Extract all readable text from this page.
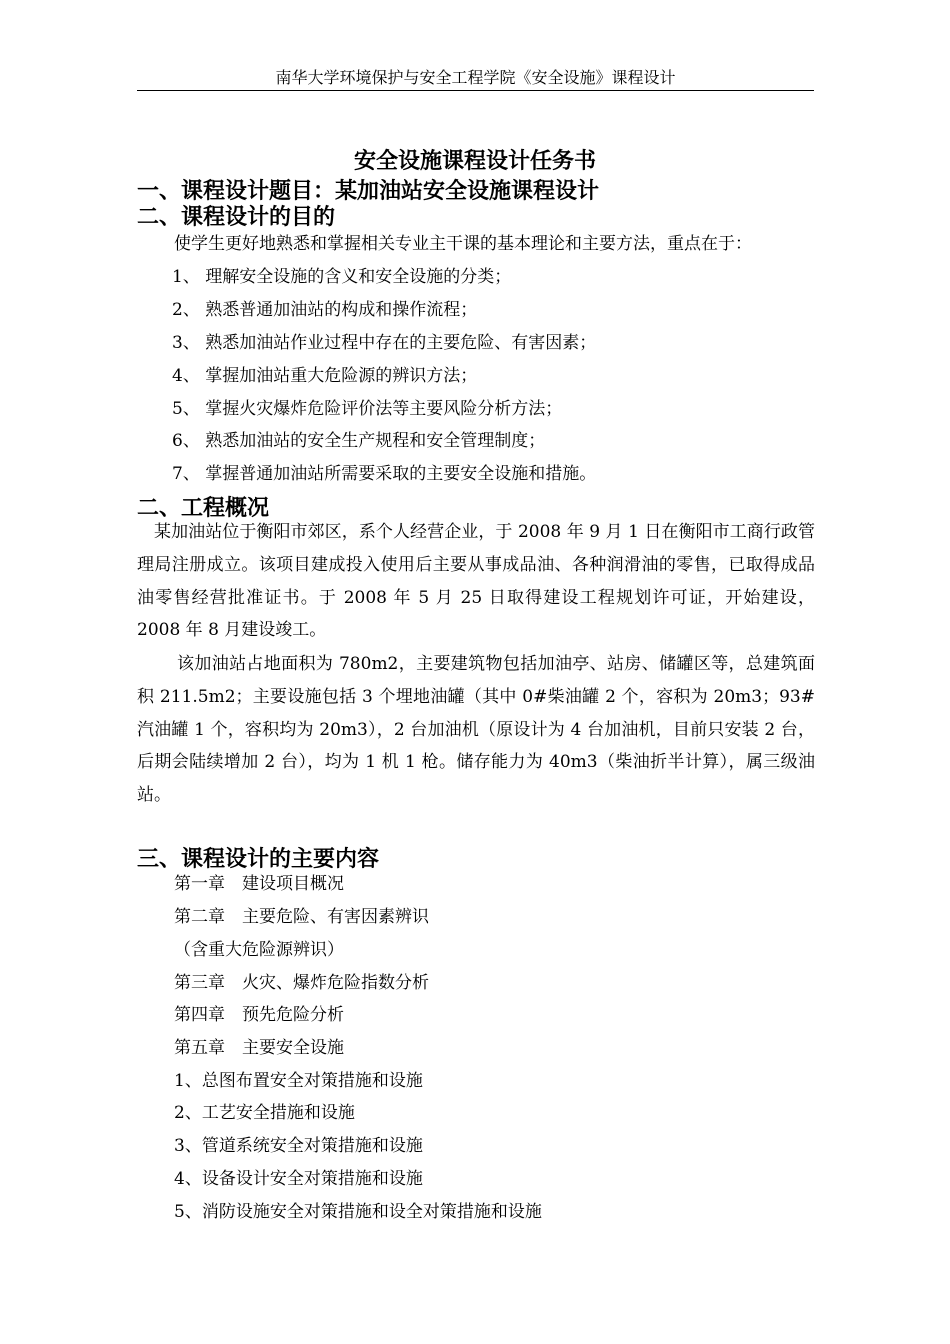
南华大学环境保护与安全工程学院《安全设施》课程设计
安全设施课程设计任务书
一、课程设计题目：某加油站安全设施课程设计
二、课程设计的目的
使学生更好地熟悉和掌握相关专业主干课的基本理论和主要方法，重点在于：
1、 理解安全设施的含义和安全设施的分类；
2、 熟悉普通加油站的构成和操作流程；
3、 熟悉加油站作业过程中存在的主要危险、有害因素；
4、 掌握加油站重大危险源的辨识方法；
5、 掌握火灾爆炸危险评价法等主要风险分析方法；
6、 熟悉加油站的安全生产规程和安全管理制度；
7、 掌握普通加油站所需要采取的主要安全设施和措施。
二、工程概况
某加油站位于衡阳市郊区，系个人经营企业，于 2008 年 9 月 1 日在衡阳市工商行政管理局注册成立。该项目建成投入使用后主要从事成品油、各种润滑油的零售，已取得成品油零售经营批准证书。于 2008 年 5 月 25 日取得建设工程规划许可证，开始建设，2008 年 8 月建设竣工。
该加油站占地面积为 780m2，主要建筑物包括加油亭、站房、储罐区等，总建筑面积 211.5m2；主要设施包括 3 个埋地油罐（其中 0#柴油罐 2 个，容积为 20m3；93#汽油罐 1 个，容积均为 20m3），2 台加油机（原设计为 4 台加油机，目前只安装 2 台，后期会陆续增加 2 台），均为 1 机 1 枪。储存能力为 40m3（柴油折半计算），属三级油站。
三、课程设计的主要内容
第一章　建设项目概况
第二章　主要危险、有害因素辨识
（含重大危险源辨识）
第三章　火灾、爆炸危险指数分析
第四章　预先危险分析
第五章　主要安全设施
1、总图布置安全对策措施和设施
2、工艺安全措施和设施
3、管道系统安全对策措施和设施
4、设备设计安全对策措施和设施
5、消防设施安全对策措施和设全对策措施和设施
